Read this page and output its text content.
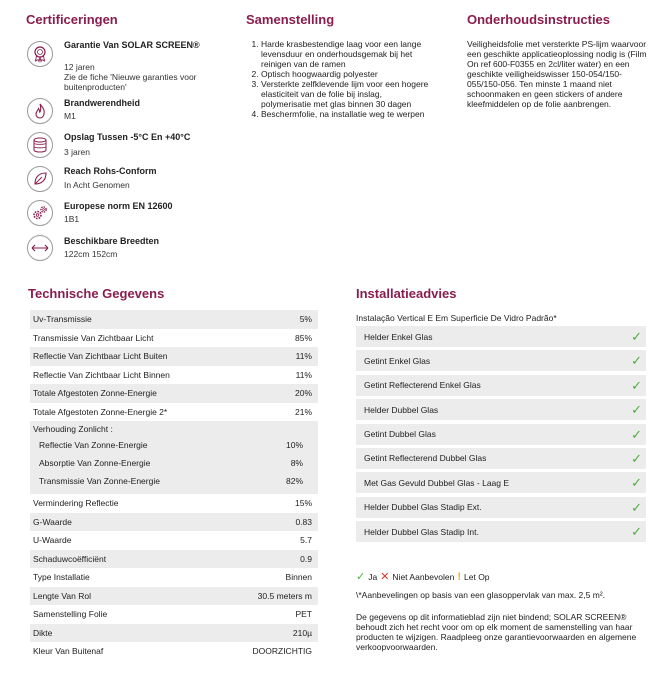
Certificeringen	Samenstelling	Onderhoudsinstructies
Technische Gegevens	Installatieadvies
Garantie Van SOLAR SCREEN®
12 jaren
Zie de fiche 'Nieuwe garanties voor buitenproducten'
Brandwerendheid
M1
Opslag Tussen -5°C En +40°C
3 jaren
Reach Rohs-Conform
In Acht Genomen
Europese norm EN 12600
1B1
Beschikbare Breedten
122cm 152cm
1. Harde krasbestendige laag voor een lange levensduur en onderhoudsgemak bij het reinigen van de ramen
2. Optisch hoogwaardig polyester
3. Versterkte zelfklevende lijm voor een hogere elasticiteit van de folie bij inslag, polymerisatie met glas binnen 30 dagen
4. Beschermfolie, na installatie weg te werpen
Veiligheidsfolie met versterkte PS-lijm waarvoor een geschikte applicatieoplossing nodig is (Film On ref 600-F0355 en 2cl/liter water) en een geschikte veiligheidswisser 150-054/150-055/150-056. Ten minste 1 maand niet schoonmaken en geen stickers of andere kleefmiddelen op de folie aanbrengen.
Uv-Transmissie	5%
Transmissie Van Zichtbaar Licht	85%
Reflectie Van Zichtbaar Licht Buiten	11%
Reflectie Van Zichtbaar Licht Binnen	11%
Totale Afgestoten Zonne-Energie	20%
Totale Afgestoten Zonne-Energie 2*	21%
Verhouding Zonlicht :
Reflectie Van Zonne-Energie	10%
Absorptie Van Zonne-Energie	8%
Transmissie Van Zonne-Energie	82%
Vermindering Reflectie	15%
G-Waarde	0.83
U-Waarde	5.7
Schaduwcoëfficiënt	0.9
Type Installatie	Binnen
Lengte Van Rol	30.5 meters m
Samenstelling Folie	PET
Dikte	210µ
Kleur Van Buitenaf	DOORZICHTIG
Instalação Vertical E Em Superficie De Vidro Padrão*
Helder Enkel Glas	✓
Getint Enkel Glas	✓
Getint Reflecterend Enkel Glas	✓
Helder Dubbel Glas	✓
Getint Dubbel Glas	✓
Getint Reflecterend Dubbel Glas	✓
Met Gas Gevuld Dubbel Glas - Laag E	✓
Helder Dubbel Glas Stadip Ext.	✓
Helder Dubbel Glas Stadip Int.	✓
✓ Ja ✕ Niet Aanbevolen ! Let Op
\*Aanbevelingen op basis van een glasoppervlak van max. 2,5 m².
De gegevens op dit informatieblad zijn niet bindend; SOLAR SCREEN® behoudt zich het recht voor om op elk moment de samenstelling van haar producten te wijzigen. Raadpleeg onze garantievoorwaarden en algemene verkoopvoorwaarden.
